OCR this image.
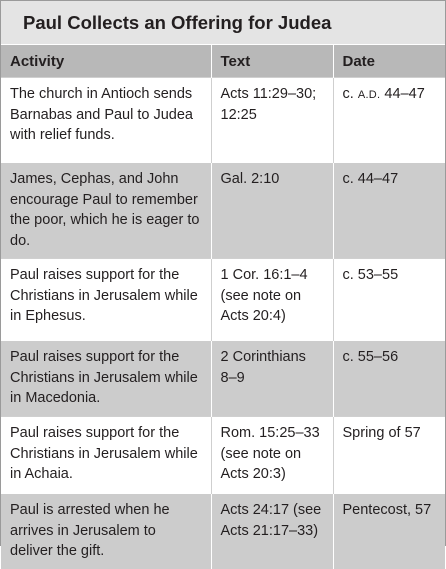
Paul Collects an Offering for Judea
Activity	Text	Date
The church in Antioch sends Barnabas and Paul to Judea with relief funds.	Acts 11:29–30; 12:25	c. A.D. 44–47
James, Cephas, and John encourage Paul to remember the poor, which he is eager to do.	Gal. 2:10	c. 44–47
Paul raises support for the Christians in Jerusalem while in Ephesus.	1 Cor. 16:1–4 (see note on Acts 20:4)	c. 53–55
Paul raises support for the Christians in Jerusalem while in Macedonia.	2 Corinthians 8–9	c. 55–56
Paul raises support for the Christians in Jerusalem while in Achaia.	Rom. 15:25–33 (see note on Acts 20:3)	Spring of 57
Paul is arrested when he arrives in Jerusalem to deliver the gift.	Acts 24:17 (see Acts 21:17–33)	Pentecost, 57
